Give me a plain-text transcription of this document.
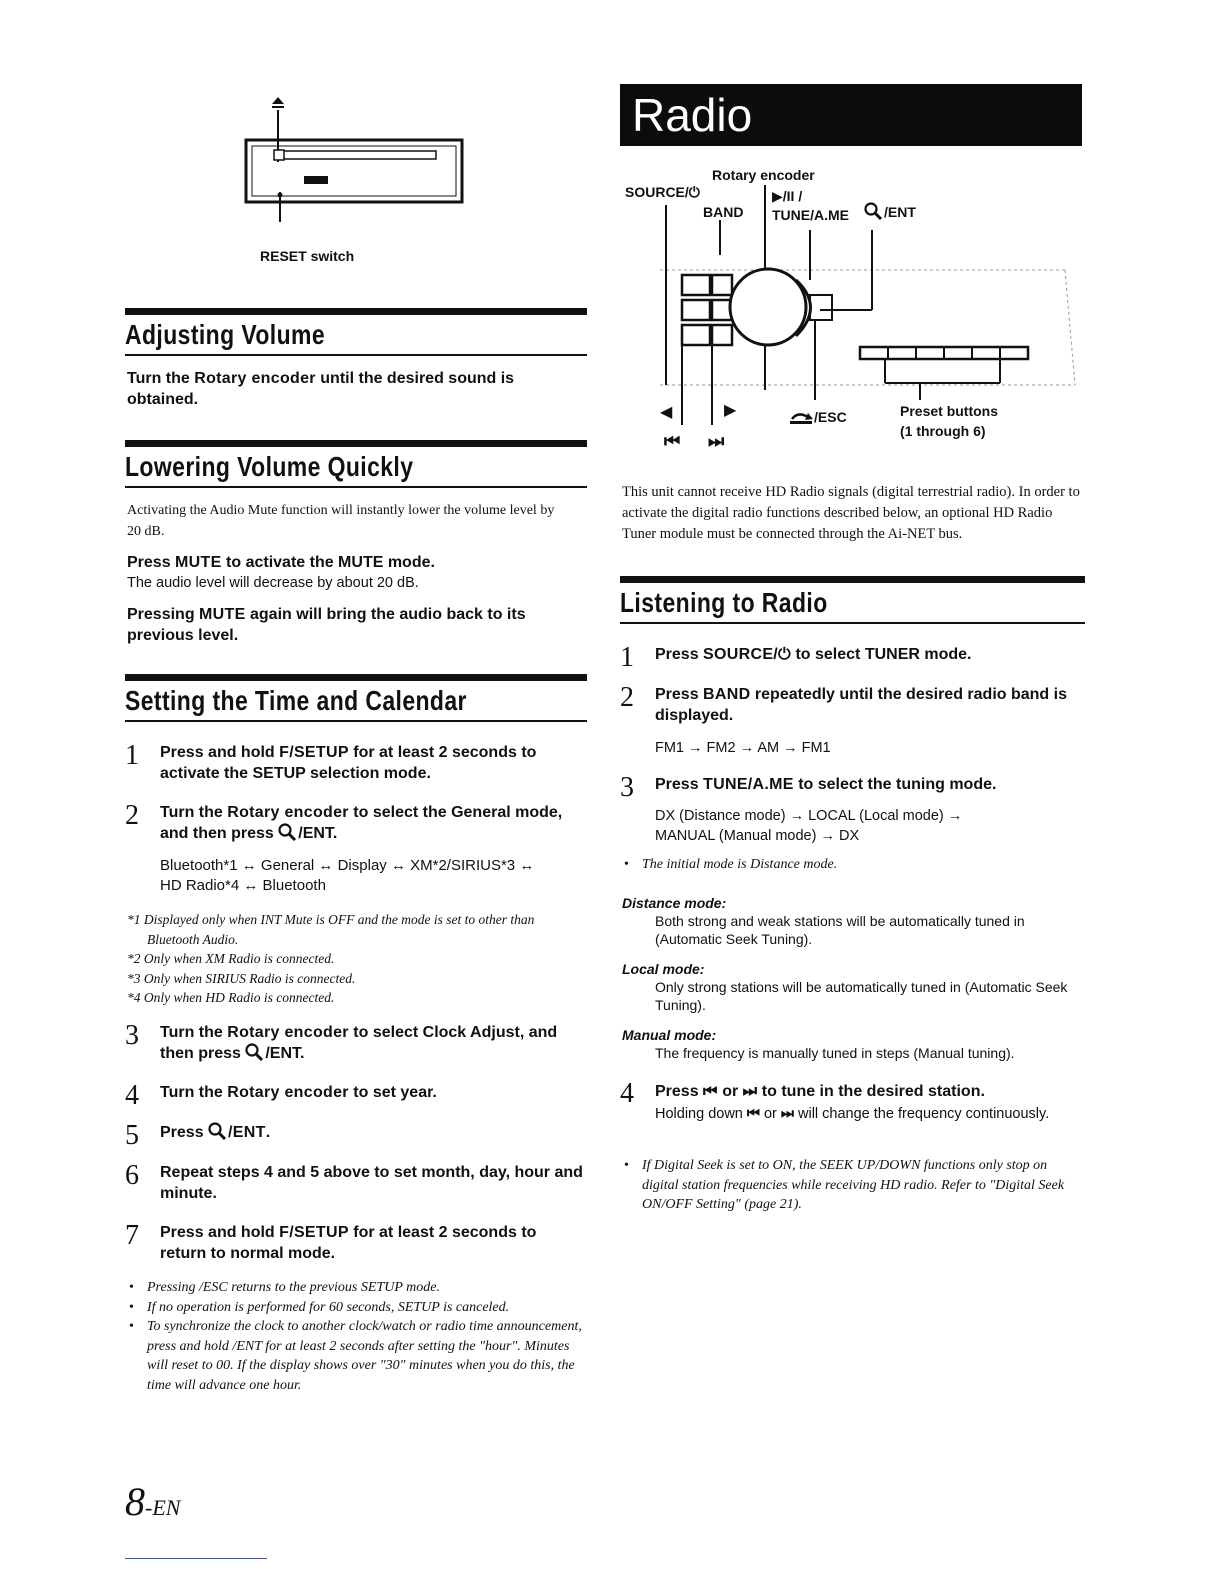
RESET switch
Adjusting Volume
Turn the Rotary encoder until the desired sound is obtained.
Lowering Volume Quickly
Activating the Audio Mute function will instantly lower the volume level by 20 dB.
Press MUTE to activate the MUTE mode.
The audio level will decrease by about 20 dB.
Pressing MUTE again will bring the audio back to its previous level.
Setting the Time and Calendar
1 Press and hold F/SETUP for at least 2 seconds to activate the SETUP selection mode.
2 Turn the Rotary encoder to select the General mode, and then press /ENT.
Bluetooth*1 ↔ General ↔ Display ↔ XM*2/SIRIUS*3 ↔
HD Radio*4 ↔ Bluetooth
*1 Displayed only when INT Mute is OFF and the mode is set to other than Bluetooth Audio.
*2 Only when XM Radio is connected.
*3 Only when SIRIUS Radio is connected.
*4 Only when HD Radio is connected.
3 Turn the Rotary encoder to select Clock Adjust, and then press /ENT.
4 Turn the Rotary encoder to set year.
5 Press /ENT.
6 Repeat steps 4 and 5 above to set month, day, hour and minute.
7 Press and hold F/SETUP for at least 2 seconds to return to normal mode.
• Pressing /ESC returns to the previous SETUP mode.
• If no operation is performed for 60 seconds, SETUP is canceled.
• To synchronize the clock to another clock/watch or radio time announcement, press and hold /ENT for at least 2 seconds after setting the "hour". Minutes will reset to 00. If the display shows over "30" minutes when you do this, the time will advance one hour.
Radio
Rotary encoder
SOURCE/⏻	▶/II /
BAND TUNE/A.ME	/ENT
◀	▶
⏮ ⏭
/ESC	Preset buttons
(1 through 6)
This unit cannot receive HD Radio signals (digital terrestrial radio). In order to activate the digital radio functions described below, an optional HD Radio Tuner module must be connected through the Ai-NET bus.
Listening to Radio
1 Press SOURCE/⏻ to select TUNER mode.
2 Press BAND repeatedly until the desired radio band is displayed.
FM1 → FM2 → AM → FM1
3 Press TUNE/A.ME to select the tuning mode.
DX (Distance mode) → LOCAL (Local mode) →
MANUAL (Manual mode) → DX
• The initial mode is Distance mode.
Distance mode:
Both strong and weak stations will be automatically tuned in (Automatic Seek Tuning).
Local mode:
Only strong stations will be automatically tuned in (Automatic Seek Tuning).
Manual mode:
The frequency is manually tuned in steps (Manual tuning).
4 Press ⏮ or ⏭ to tune in the desired station.
Holding down ⏮ or ⏭ will change the frequency continuously.
• If Digital Seek is set to ON, the SEEK UP/DOWN functions only stop on digital station frequencies while receiving HD radio. Refer to "Digital Seek ON/OFF Setting" (page 21).
8-EN
